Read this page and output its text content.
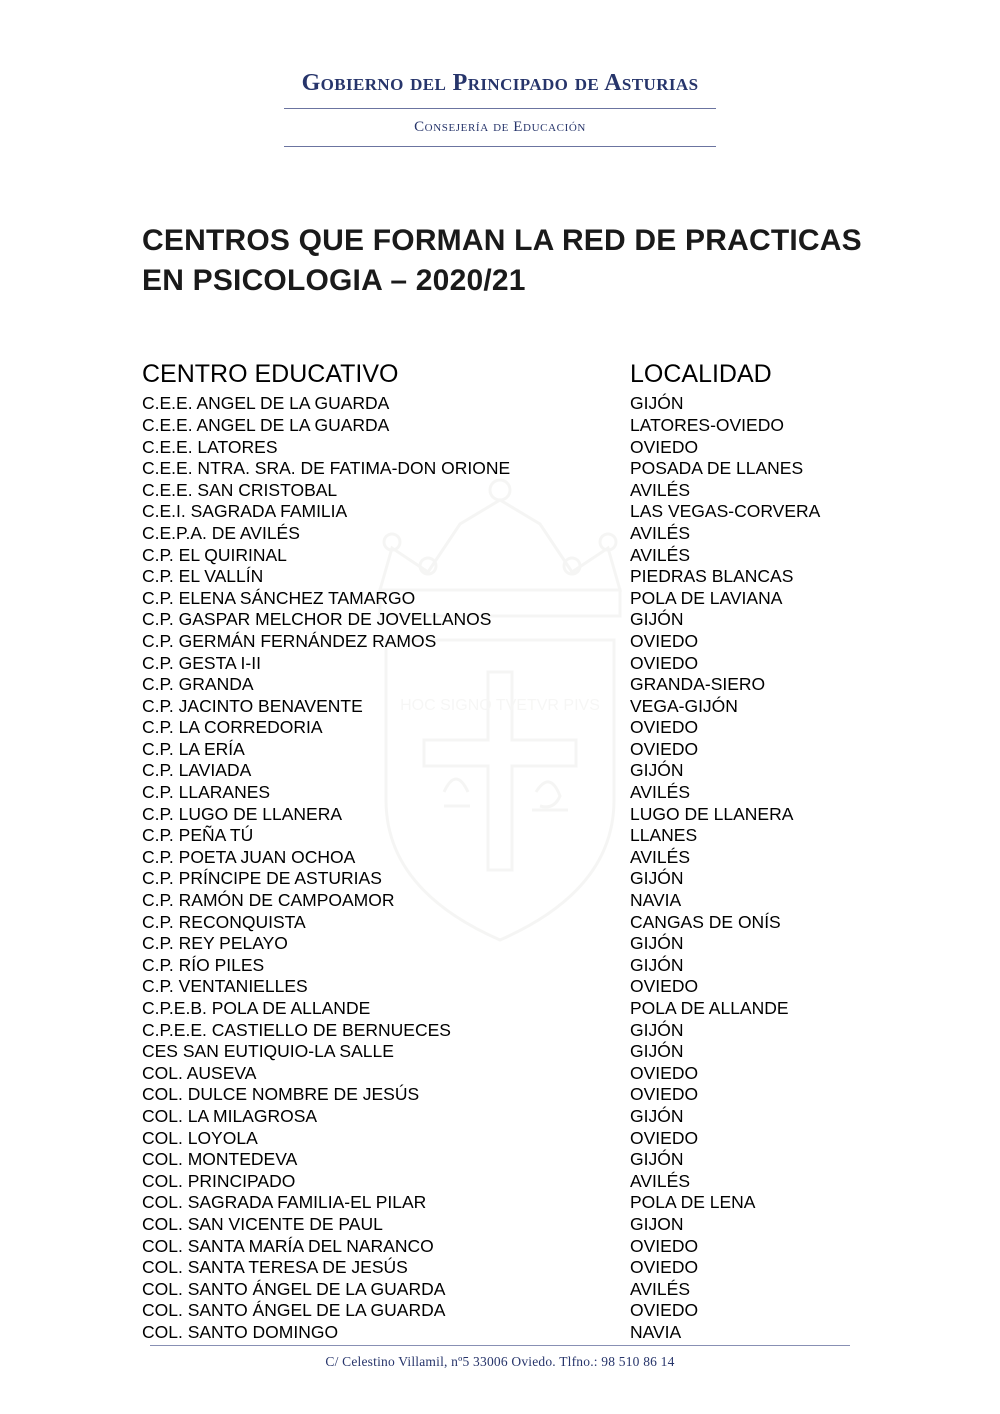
HOC SIGNO TVETVR PIVS
Gobierno del Principado de Asturias
Consejería de Educación
CENTROS QUE FORMAN LA RED DE PRACTICAS
EN PSICOLOGIA – 2020/21
CENTRO EDUCATIVO	LOCALIDAD
C.E.E. ANGEL DE LA GUARDA	GIJÓN
C.E.E. ANGEL DE LA GUARDA	LATORES-OVIEDO
C.E.E. LATORES	OVIEDO
C.E.E. NTRA. SRA. DE FATIMA-DON ORIONE	POSADA DE LLANES
C.E.E. SAN CRISTOBAL	AVILÉS
C.E.I. SAGRADA FAMILIA	LAS VEGAS-CORVERA
C.E.P.A. DE AVILÉS	AVILÉS
C.P. EL QUIRINAL	AVILÉS
C.P. EL VALLÍN	PIEDRAS BLANCAS
C.P. ELENA SÁNCHEZ TAMARGO	POLA DE LAVIANA
C.P. GASPAR MELCHOR DE JOVELLANOS	GIJÓN
C.P. GERMÁN FERNÁNDEZ RAMOS	OVIEDO
C.P. GESTA I-II	OVIEDO
C.P. GRANDA	GRANDA-SIERO
C.P. JACINTO BENAVENTE	VEGA-GIJÓN
C.P. LA CORREDORIA	OVIEDO
C.P. LA ERÍA	OVIEDO
C.P. LAVIADA	GIJÓN
C.P. LLARANES	AVILÉS
C.P. LUGO DE LLANERA	LUGO DE LLANERA
C.P. PEÑA TÚ	LLANES
C.P. POETA JUAN OCHOA	AVILÉS
C.P. PRÍNCIPE DE ASTURIAS	GIJÓN
C.P. RAMÓN DE CAMPOAMOR	NAVIA
C.P. RECONQUISTA	CANGAS DE ONÍS
C.P. REY PELAYO	GIJÓN
C.P. RÍO PILES	GIJÓN
C.P. VENTANIELLES	OVIEDO
C.P.E.B. POLA DE ALLANDE	POLA DE ALLANDE
C.P.E.E. CASTIELLO DE BERNUECES	GIJÓN
CES SAN EUTIQUIO-LA SALLE	GIJÓN
COL. AUSEVA	OVIEDO
COL. DULCE NOMBRE DE JESÚS	OVIEDO
COL. LA MILAGROSA	GIJÓN
COL. LOYOLA	OVIEDO
COL. MONTEDEVA	GIJÓN
COL. PRINCIPADO	AVILÉS
COL. SAGRADA FAMILIA-EL PILAR	POLA DE LENA
COL. SAN VICENTE DE PAUL	GIJON
COL. SANTA MARÍA DEL NARANCO	OVIEDO
COL. SANTA TERESA DE JESÚS	OVIEDO
COL. SANTO ÁNGEL DE LA GUARDA	AVILÉS
COL. SANTO ÁNGEL DE LA GUARDA	OVIEDO
COL. SANTO DOMINGO	NAVIA
C/ Celestino Villamil, nº5 33006 Oviedo. Tlfno.: 98 510 86 14
